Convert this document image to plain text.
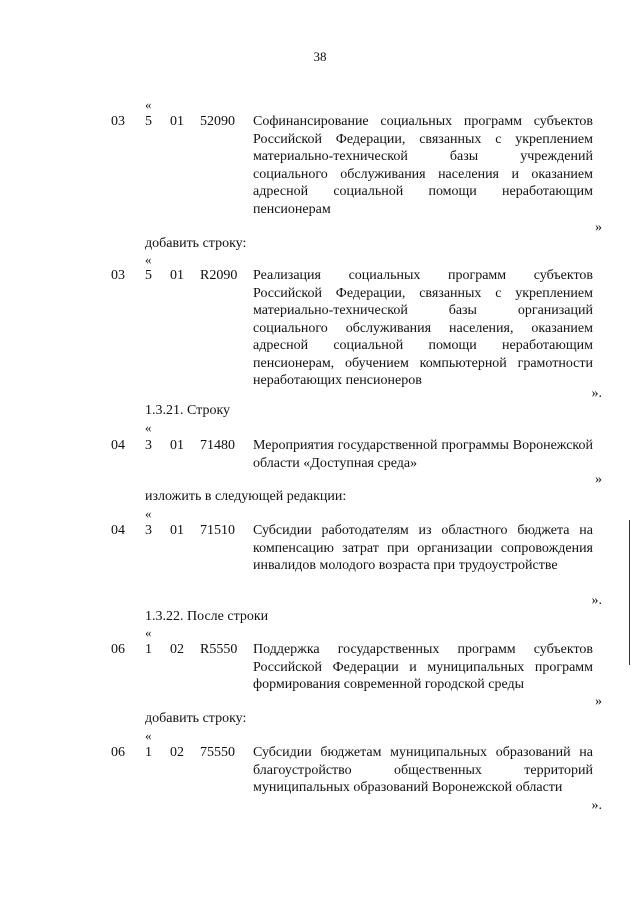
38
«
03 5 01 52090 Софинансирование социальных программ субъектов Российской Федерации, связанных с укреплением материально-технической базы учреждений социального обслуживания населения и оказанием адресной социальной помощи неработающим пенсионерам
»
добавить строку:
«
03 5 01 R2090 Реализация социальных программ субъектов Российской Федерации, связанных с укреплением материально-технической базы организаций социального обслуживания населения, оказанием адресной социальной помощи неработающим пенсионерам, обучением компьютерной грамотности неработающих пенсионеров
».
1.3.21. Строку
«
04 3 01 71480 Мероприятия государственной программы Воронежской области «Доступная среда»
»
изложить в следующей редакции:
«
04 3 01 71510 Субсидии работодателям из областного бюджета на компенсацию затрат при организации сопровождения инвалидов молодого возраста при трудоустройстве
».
1.3.22. После строки
«
06 1 02 R5550 Поддержка государственных программ субъектов Российской Федерации и муниципальных программ формирования современной городской среды
»
добавить строку:
«
06 1 02 75550 Субсидии бюджетам муниципальных образований на благоустройство общественных территорий муниципальных образований Воронежской области
».
